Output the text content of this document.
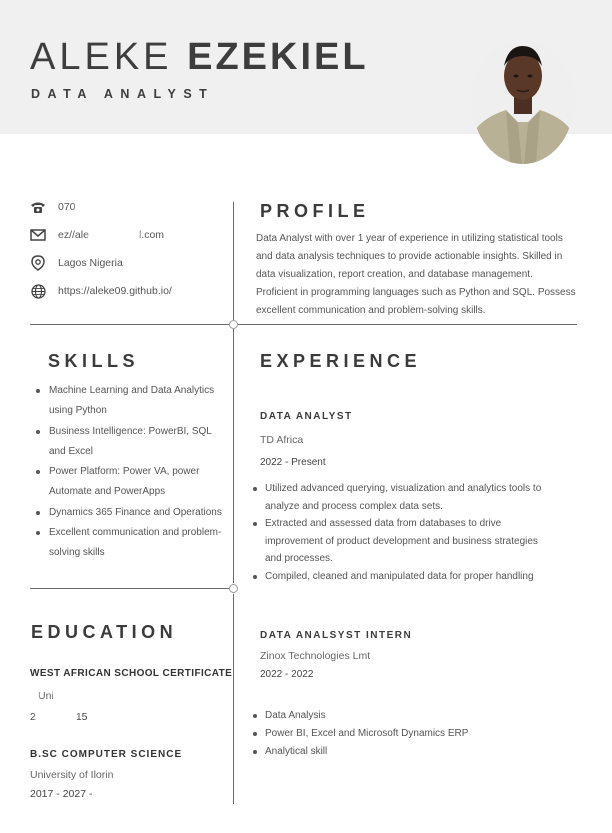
ALEKE EZEKIEL
DATA ANALYST
070
ez//ale	l.com
Lagos Nigeria
https://aleke09.github.io/
PROFILE
Data Analyst with over 1 year of experience in utilizing statistical tools
and data analysis techniques to provide actionable insights. Skilled in
data visualization, report creation, and database management.
Proficient in programming languages such as Python and SQL. Possess
excellent communication and problem-solving skills.
SKILLS
Machine Learning and Data Analytics using Python
Business Intelligence: PowerBI, SQL and Excel
Power Platform: Power VA, power Automate and PowerApps
Dynamics 365 Finance and Operations
Excellent communication and problem-solving skills
EXPERIENCE
DATA ANALYST
TD Africa
2022 - Present
Utilized advanced querying, visualization and analytics tools to
analyze and process complex data sets.
Extracted and assessed data from databases to drive
improvement of product development and business strategies
and processes.
Compiled, cleaned and manipulated data for proper handling
DATA ANALSYST INTERN
Zinox Technologies Lmt
2022 - 2022
Data Analysis
Power BI, Excel and Microsoft Dynamics ERP
Analytical skill
EDUCATION
WEST AFRICAN SCHOOL CERTIFICATE
Uni
2	15
B.SC COMPUTER SCIENCE
University of Ilorin
2017 - 2027 -
